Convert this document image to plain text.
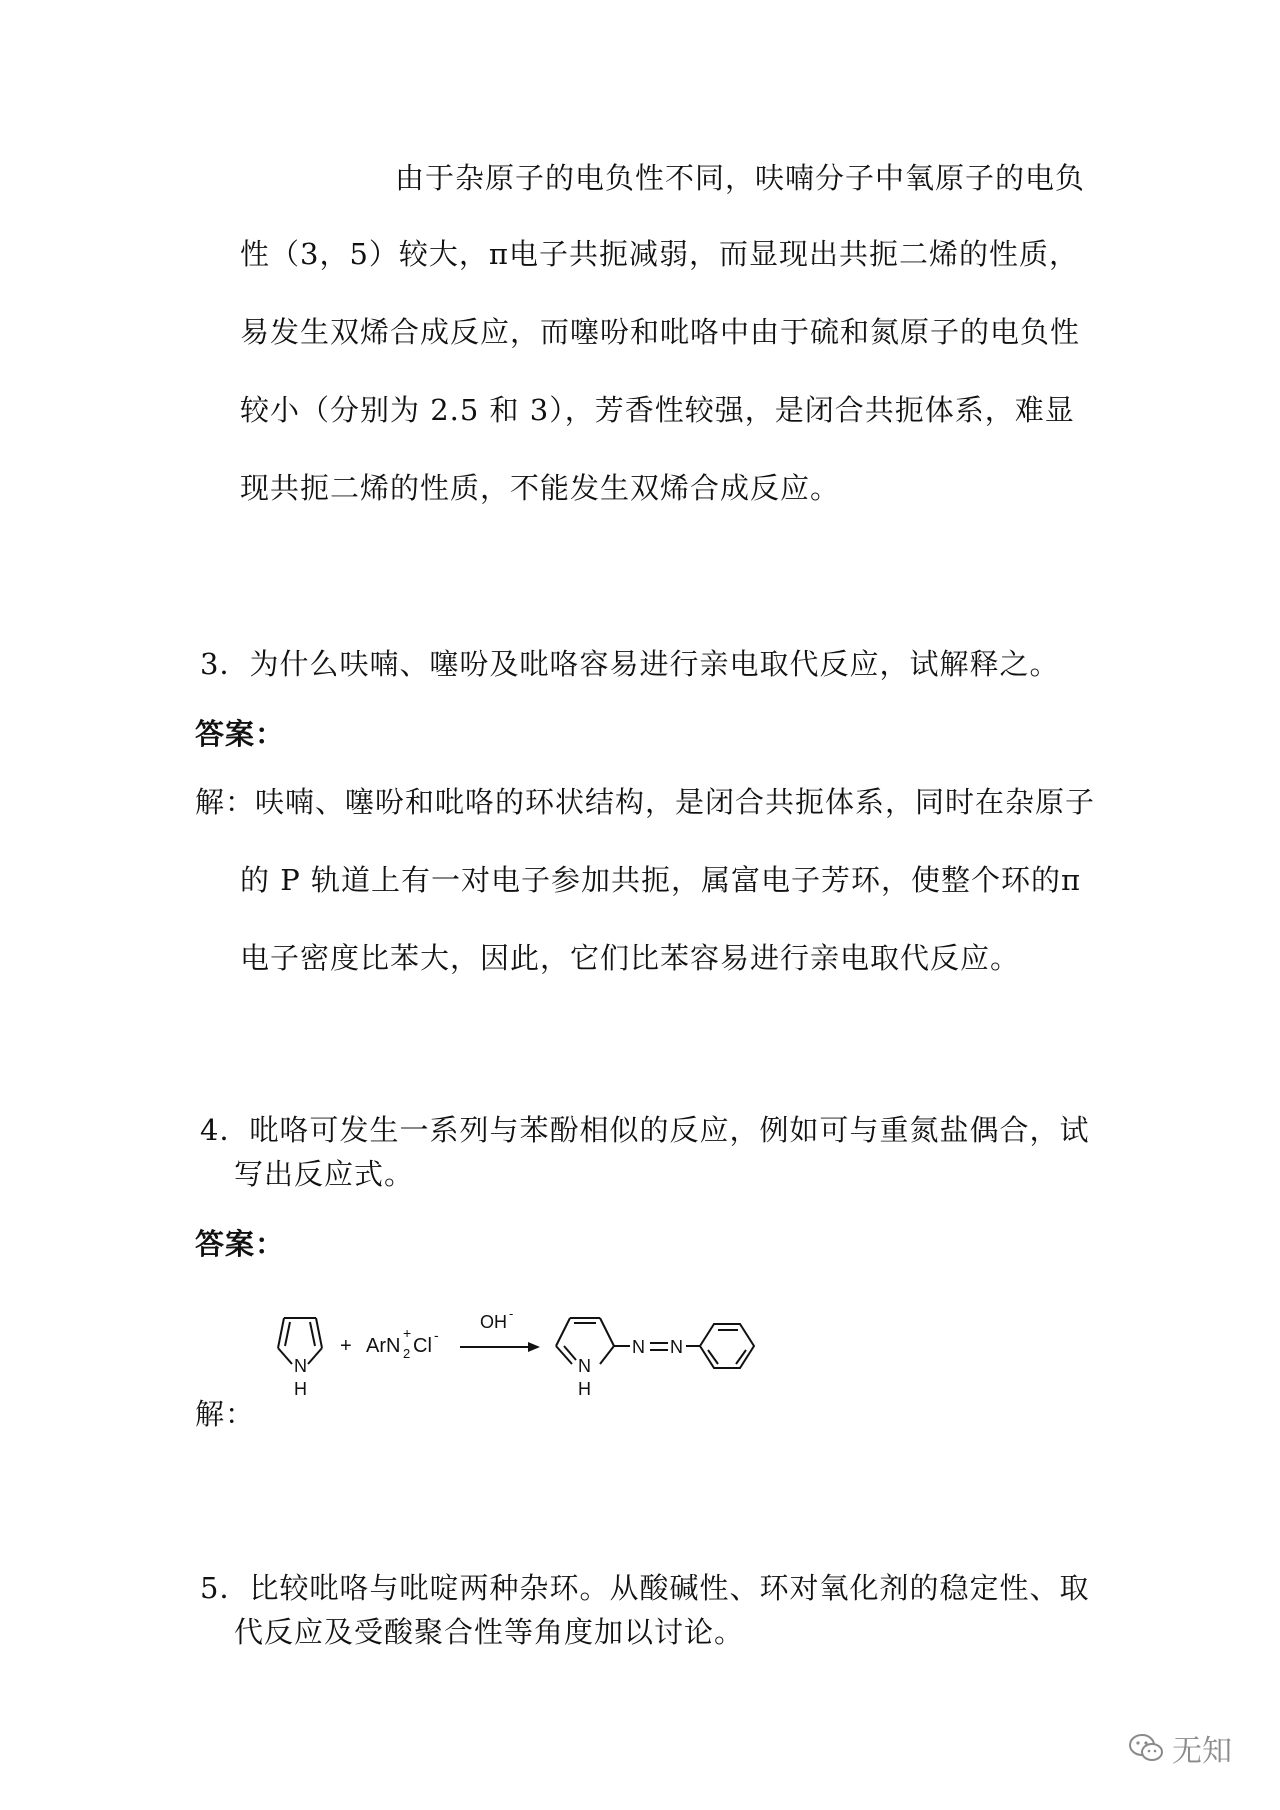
由于杂原子的电负性不同，呋喃分子中氧原子的电负
性（3，5）较大，π电子共扼减弱，而显现出共扼二烯的性质，
易发生双烯合成反应，而噻吩和吡咯中由于硫和氮原子的电负性
较小（分别为 2.5 和 3），芳香性较强，是闭合共扼体系，难显
现共扼二烯的性质，不能发生双烯合成反应。
3．为什么呋喃、噻吩及吡咯容易进行亲电取代反应，试解释之。
答案：
解：呋喃、噻吩和吡咯的环状结构，是闭合共扼体系，同时在杂原子
的 P 轨道上有一对电子参加共扼，属富电子芳环，使整个环的π
电子密度比苯大，因此，它们比苯容易进行亲电取代反应。
4．吡咯可发生一系列与苯酚相似的反应，例如可与重氮盐偶合，试
写出反应式。
答案：
解：
N
H
+ ArN 2
+
Cl -
OH -
N
H
N N
5．比较吡咯与吡啶两种杂环。从酸碱性、环对氧化剂的稳定性、取
代反应及受酸聚合性等角度加以讨论。
无知
